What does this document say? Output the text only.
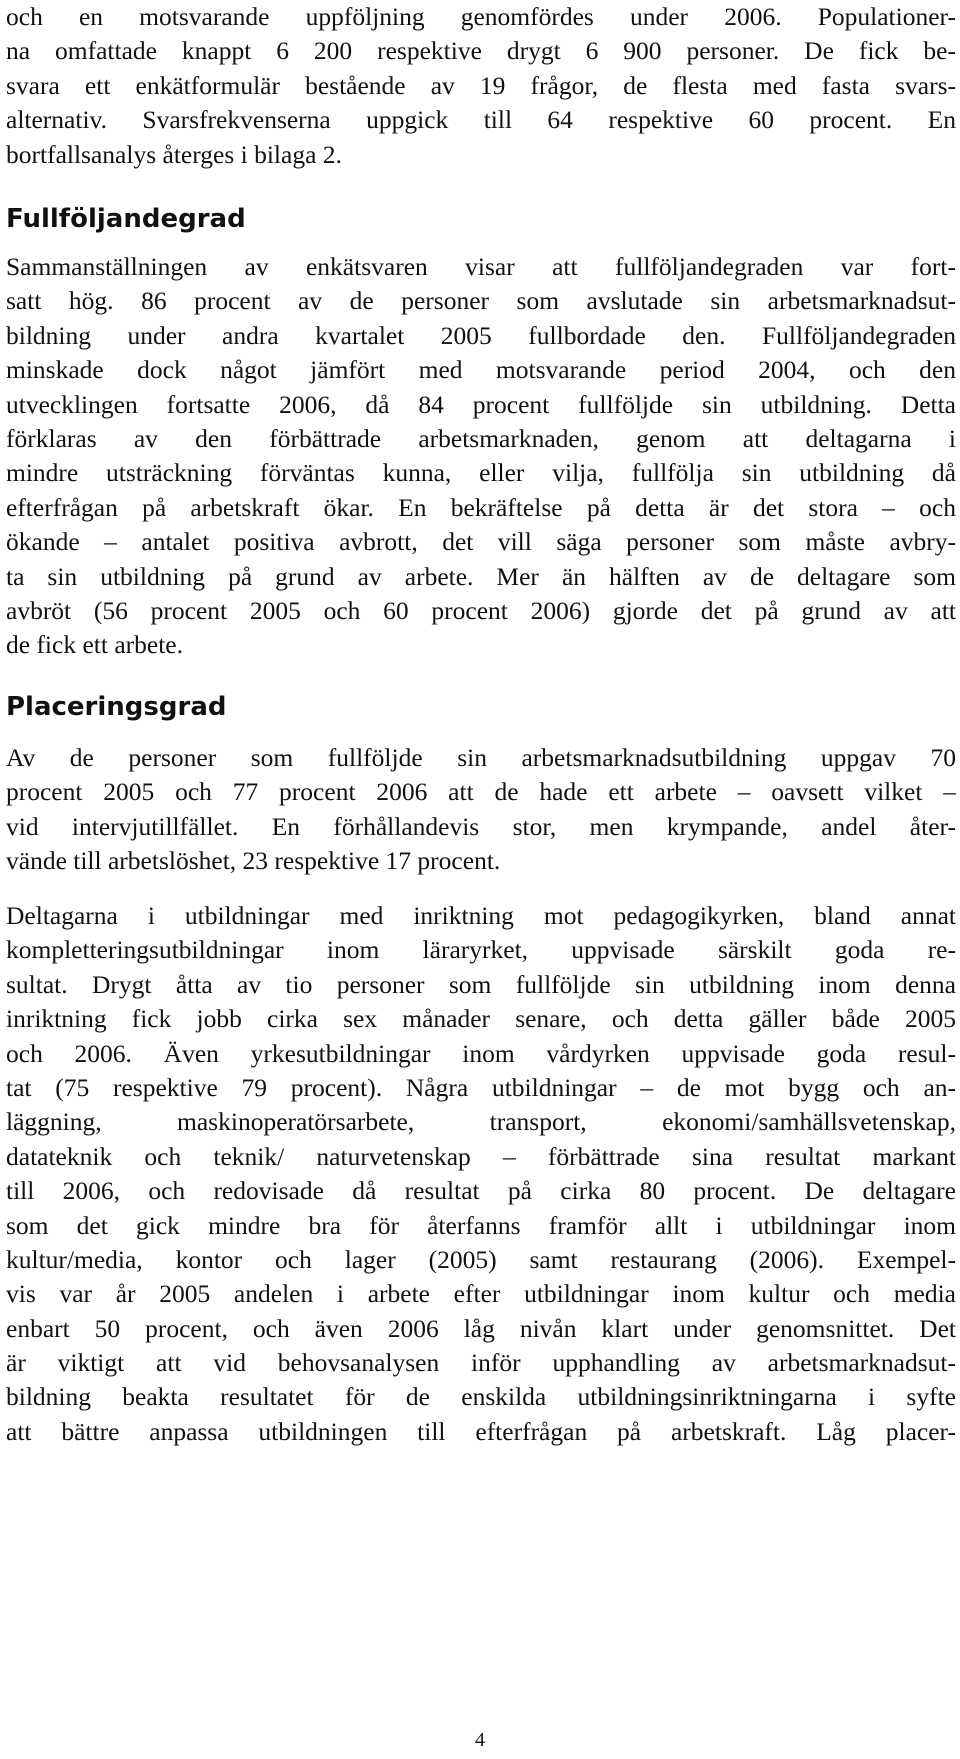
och en motsvarande uppföljning genomfördes under 2006. Populationer-
na omfattade knappt 6 200 respektive drygt 6 900 personer. De fick be-
svara ett enkätformulär bestående av 19 frågor, de flesta med fasta svars-
alternativ. Svarsfrekvenserna uppgick till 64 respektive 60 procent. En
bortfallsanalys återges i bilaga 2.
Fullföljandegrad
Sammanställningen av enkätsvaren visar att fullföljandegraden var fort-
satt hög. 86 procent av de personer som avslutade sin arbetsmarknadsut-
bildning under andra kvartalet 2005 fullbordade den. Fullföljandegraden
minskade dock något jämfört med motsvarande period 2004, och den
utvecklingen fortsatte 2006, då 84 procent fullföljde sin utbildning. Detta
förklaras av den förbättrade arbetsmarknaden, genom att deltagarna i
mindre utsträckning förväntas kunna, eller vilja, fullfölja sin utbildning då
efterfrågan på arbetskraft ökar. En bekräftelse på detta är det stora – och
ökande – antalet positiva avbrott, det vill säga personer som måste avbry-
ta sin utbildning på grund av arbete. Mer än hälften av de deltagare som
avbröt (56 procent 2005 och 60 procent 2006) gjorde det på grund av att
de fick ett arbete.
Placeringsgrad
Av de personer som fullföljde sin arbetsmarknadsutbildning uppgav 70
procent 2005 och 77 procent 2006 att de hade ett arbete – oavsett vilket –
vid intervjutillfället. En förhållandevis stor, men krympande, andel åter-
vände till arbetslöshet, 23 respektive 17 procent.
Deltagarna i utbildningar med inriktning mot pedagogikyrken, bland annat
kompletteringsutbildningar inom läraryrket, uppvisade särskilt goda re-
sultat. Drygt åtta av tio personer som fullföljde sin utbildning inom denna
inriktning fick jobb cirka sex månader senare, och detta gäller både 2005
och 2006. Även yrkesutbildningar inom vårdyrken uppvisade goda resul-
tat (75 respektive 79 procent). Några utbildningar – de mot bygg och an-
läggning, maskinoperatörsarbete, transport, ekonomi/samhällsvetenskap,
datateknik och teknik/ naturvetenskap – förbättrade sina resultat markant
till 2006, och redovisade då resultat på cirka 80 procent. De deltagare
som det gick mindre bra för återfanns framför allt i utbildningar inom
kultur/media, kontor och lager (2005) samt restaurang (2006). Exempel-
vis var år 2005 andelen i arbete efter utbildningar inom kultur och media
enbart 50 procent, och även 2006 låg nivån klart under genomsnittet. Det
är viktigt att vid behovsanalysen inför upphandling av arbetsmarknadsut-
bildning beakta resultatet för de enskilda utbildningsinriktningarna i syfte
att bättre anpassa utbildningen till efterfrågan på arbetskraft. Låg placer-
4
